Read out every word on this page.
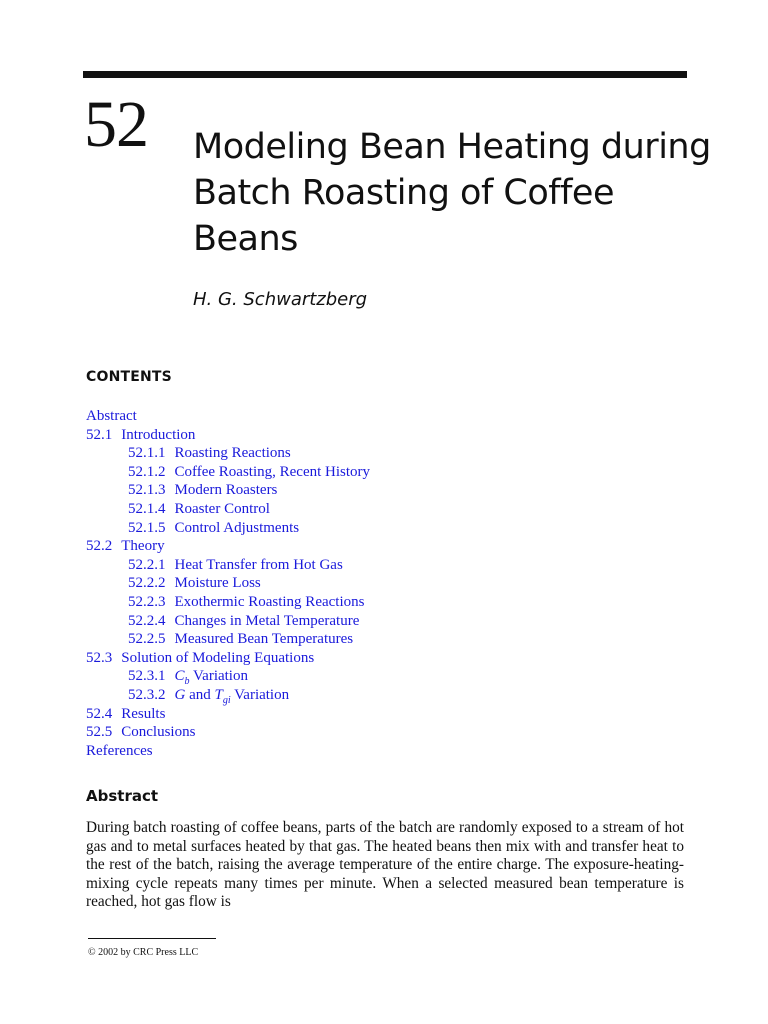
52 Modeling Bean Heating during Batch Roasting of Coffee Beans
H. G. Schwartzberg
CONTENTS
Abstract
52.1 Introduction
52.1.1 Roasting Reactions
52.1.2 Coffee Roasting, Recent History
52.1.3 Modern Roasters
52.1.4 Roaster Control
52.1.5 Control Adjustments
52.2 Theory
52.2.1 Heat Transfer from Hot Gas
52.2.2 Moisture Loss
52.2.3 Exothermic Roasting Reactions
52.2.4 Changes in Metal Temperature
52.2.5 Measured Bean Temperatures
52.3 Solution of Modeling Equations
52.3.1 $C_b$ Variation
52.3.2 G and $T_{gi}$ Variation
52.4 Results
52.5 Conclusions
References
Abstract

During batch roasting of coffee beans, parts of the batch are randomly exposed to a stream of hot gas and to metal surfaces heated by that gas. The heated beans then mix with and transfer heat to the rest of the batch, raising the average temperature of the entire charge. The exposure-heating-mixing cycle repeats many times per minute. When a selected measured bean temperature is reached, hot gas flow is

© 2002 by CRC Press LLC
